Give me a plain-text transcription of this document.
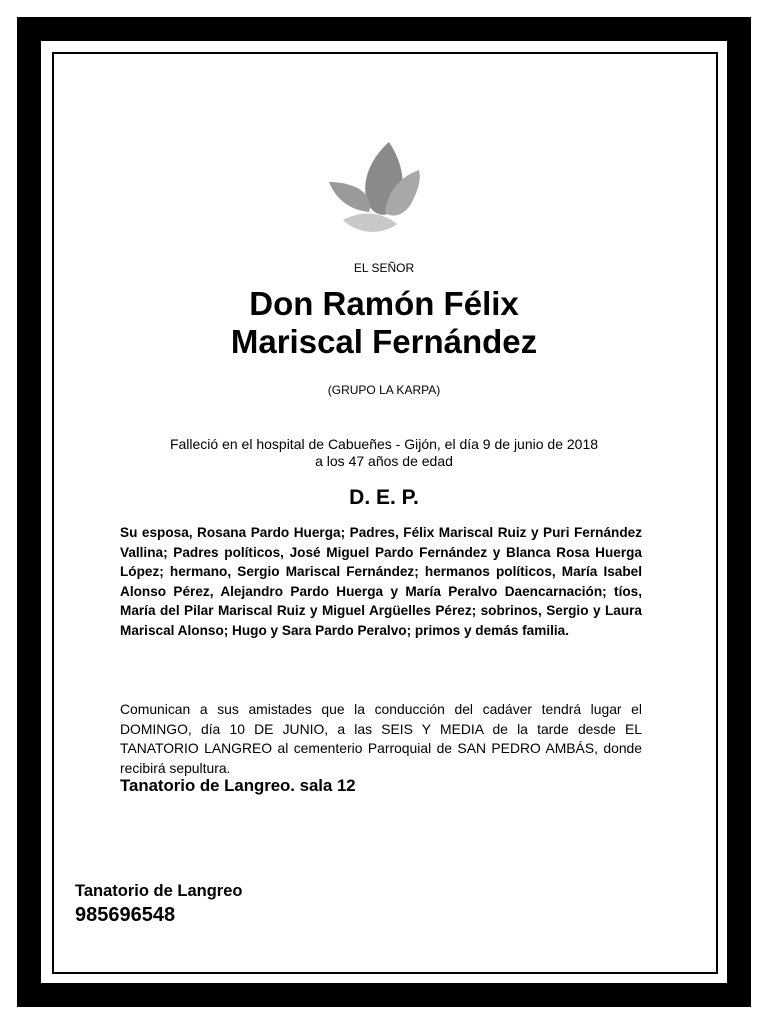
EL SEÑOR
Don Ramón Félix
Mariscal Fernández
(GRUPO LA KARPA)
Falleció en el hospital de Cabueñes - Gijón, el día 9 de junio de 2018
a los 47 años de edad
D. E. P.
Su esposa, Rosana Pardo Huerga; Padres, Félix Mariscal Ruiz y Puri Fernández Vallina; Padres políticos, José Miguel Pardo Fernández y Blanca Rosa Huerga López; hermano, Sergio Mariscal Fernández; hermanos políticos, María Isabel Alonso Pérez, Alejandro Pardo Huerga y María Peralvo Daencarnación; tíos, María del Pilar Mariscal Ruiz y Miguel Argüelles Pérez; sobrinos, Sergio y Laura Mariscal Alonso; Hugo y Sara Pardo Peralvo; primos y demás familia.
Comunican a sus amistades que la conducción del cadáver tendrá lugar el DOMINGO, día 10 DE JUNIO, a las SEIS Y MEDIA de la tarde desde EL TANATORIO LANGREO al cementerio Parroquial de SAN PEDRO AMBÁS, donde recibirá sepultura.
Tanatorio de Langreo. sala 12
Tanatorio de Langreo
985696548
